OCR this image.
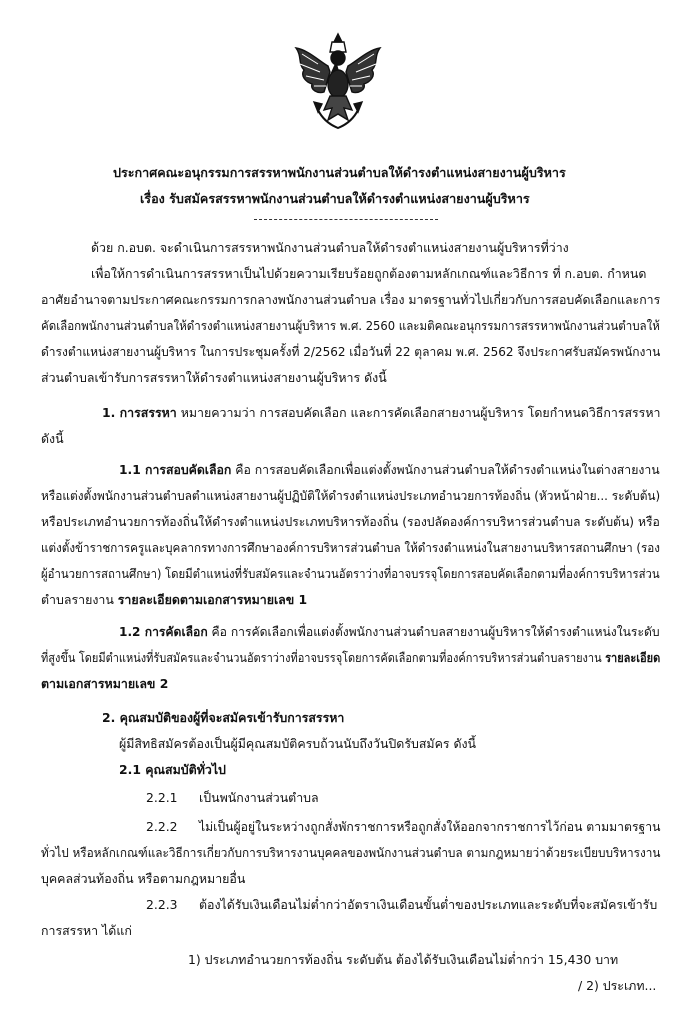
ประกาศคณะอนุกรรมการสรรหาพนักงานส่วนตำบลให้ดำรงตำแหน่งสายงานผู้บริหาร
เรื่อง รับสมัครสรรหาพนักงานส่วนตำบลให้ดำรงตำแหน่งสายงานผู้บริหาร
ด้วย ก.อบต. จะดำเนินการสรรหาพนักงานส่วนตำบลให้ดำรงตำแหน่งสายงานผู้บริหารที่ว่าง
เพื่อให้การดำเนินการสรรหาเป็นไปด้วยความเรียบร้อยถูกต้องตามหลักเกณฑ์และวิธีการ ที่ ก.อบต. กำหนด
อาศัยอำนาจตามประกาศคณะกรรมการกลางพนักงานส่วนตำบล เรื่อง มาตรฐานทั่วไปเกี่ยวกับการสอบคัดเลือกและการ
คัดเลือกพนักงานส่วนตำบลให้ดำรงตำแหน่งสายงานผู้บริหาร พ.ศ. 2560 และมติคณะอนุกรรมการสรรหาพนักงานส่วนตำบลให้
ดำรงตำแหน่งสายงานผู้บริหาร ในการประชุมครั้งที่ 2/2562 เมื่อวันที่ 22 ตุลาคม พ.ศ. 2562 จึงประกาศรับสมัครพนักงาน
ส่วนตำบลเข้ารับการสรรหาให้ดำรงตำแหน่งสายงานผู้บริหาร ดังนี้
1. การสรรหา หมายความว่า การสอบคัดเลือก และการคัดเลือกสายงานผู้บริหาร โดยกำหนดวิธีการสรรหา
ดังนี้
1.1 การสอบคัดเลือก คือ การสอบคัดเลือกเพื่อแต่งตั้งพนักงานส่วนตำบลให้ดำรงตำแหน่งในต่างสายงาน
หรือแต่งตั้งพนักงานส่วนตำบลตำแหน่งสายงานผู้ปฏิบัติให้ดำรงตำแหน่งประเภทอำนวยการท้องถิ่น (หัวหน้าฝ่าย... ระดับต้น)
หรือประเภทอำนวยการท้องถิ่นให้ดำรงตำแหน่งประเภทบริหารท้องถิ่น (รองปลัดองค์การบริหารส่วนตำบล ระดับต้น) หรือ
แต่งตั้งข้าราชการครูและบุคลากรทางการศึกษาองค์การบริหารส่วนตำบล ให้ดำรงตำแหน่งในสายงานบริหารสถานศึกษา (รอง
ผู้อำนวยการสถานศึกษา) โดยมีตำแหน่งที่รับสมัครและจำนวนอัตราว่างที่อาจบรรจุโดยการสอบคัดเลือกตามที่องค์การบริหารส่วน
ตำบลรายงาน รายละเอียดตามเอกสารหมายเลข 1
1.2 การคัดเลือก คือ การคัดเลือกเพื่อแต่งตั้งพนักงานส่วนตำบลสายงานผู้บริหารให้ดำรงตำแหน่งในระดับ
ที่สูงขึ้น โดยมีตำแหน่งที่รับสมัครและจำนวนอัตราว่างที่อาจบรรจุโดยการคัดเลือกตามที่องค์การบริหารส่วนตำบลรายงาน รายละเอียด
ตามเอกสารหมายเลข 2
2. คุณสมบัติของผู้ที่จะสมัครเข้ารับการสรรหา
ผู้มีสิทธิสมัครต้องเป็นผู้มีคุณสมบัติครบถ้วนนับถึงวันปิดรับสมัคร ดังนี้
2.1 คุณสมบัติทั่วไป
2.2.1 เป็นพนักงานส่วนตำบล
2.2.2 ไม่เป็นผู้อยู่ในระหว่างถูกสั่งพักราชการหรือถูกสั่งให้ออกจากราชการไว้ก่อน ตามมาตรฐาน
ทั่วไป หรือหลักเกณฑ์และวิธีการเกี่ยวกับการบริหารงานบุคคลของพนักงานส่วนตำบล ตามกฎหมายว่าด้วยระเบียบบริหารงาน
บุคคลส่วนท้องถิ่น หรือตามกฎหมายอื่น
2.2.3 ต้องได้รับเงินเดือนไม่ต่ำกว่าอัตราเงินเดือนขั้นต่ำของประเภทและระดับที่จะสมัครเข้ารับ
การสรรหา ได้แก่
1) ประเภทอำนวยการท้องถิ่น ระดับต้น ต้องได้รับเงินเดือนไม่ต่ำกว่า 15,430 บาท
/ 2) ประเภท...
